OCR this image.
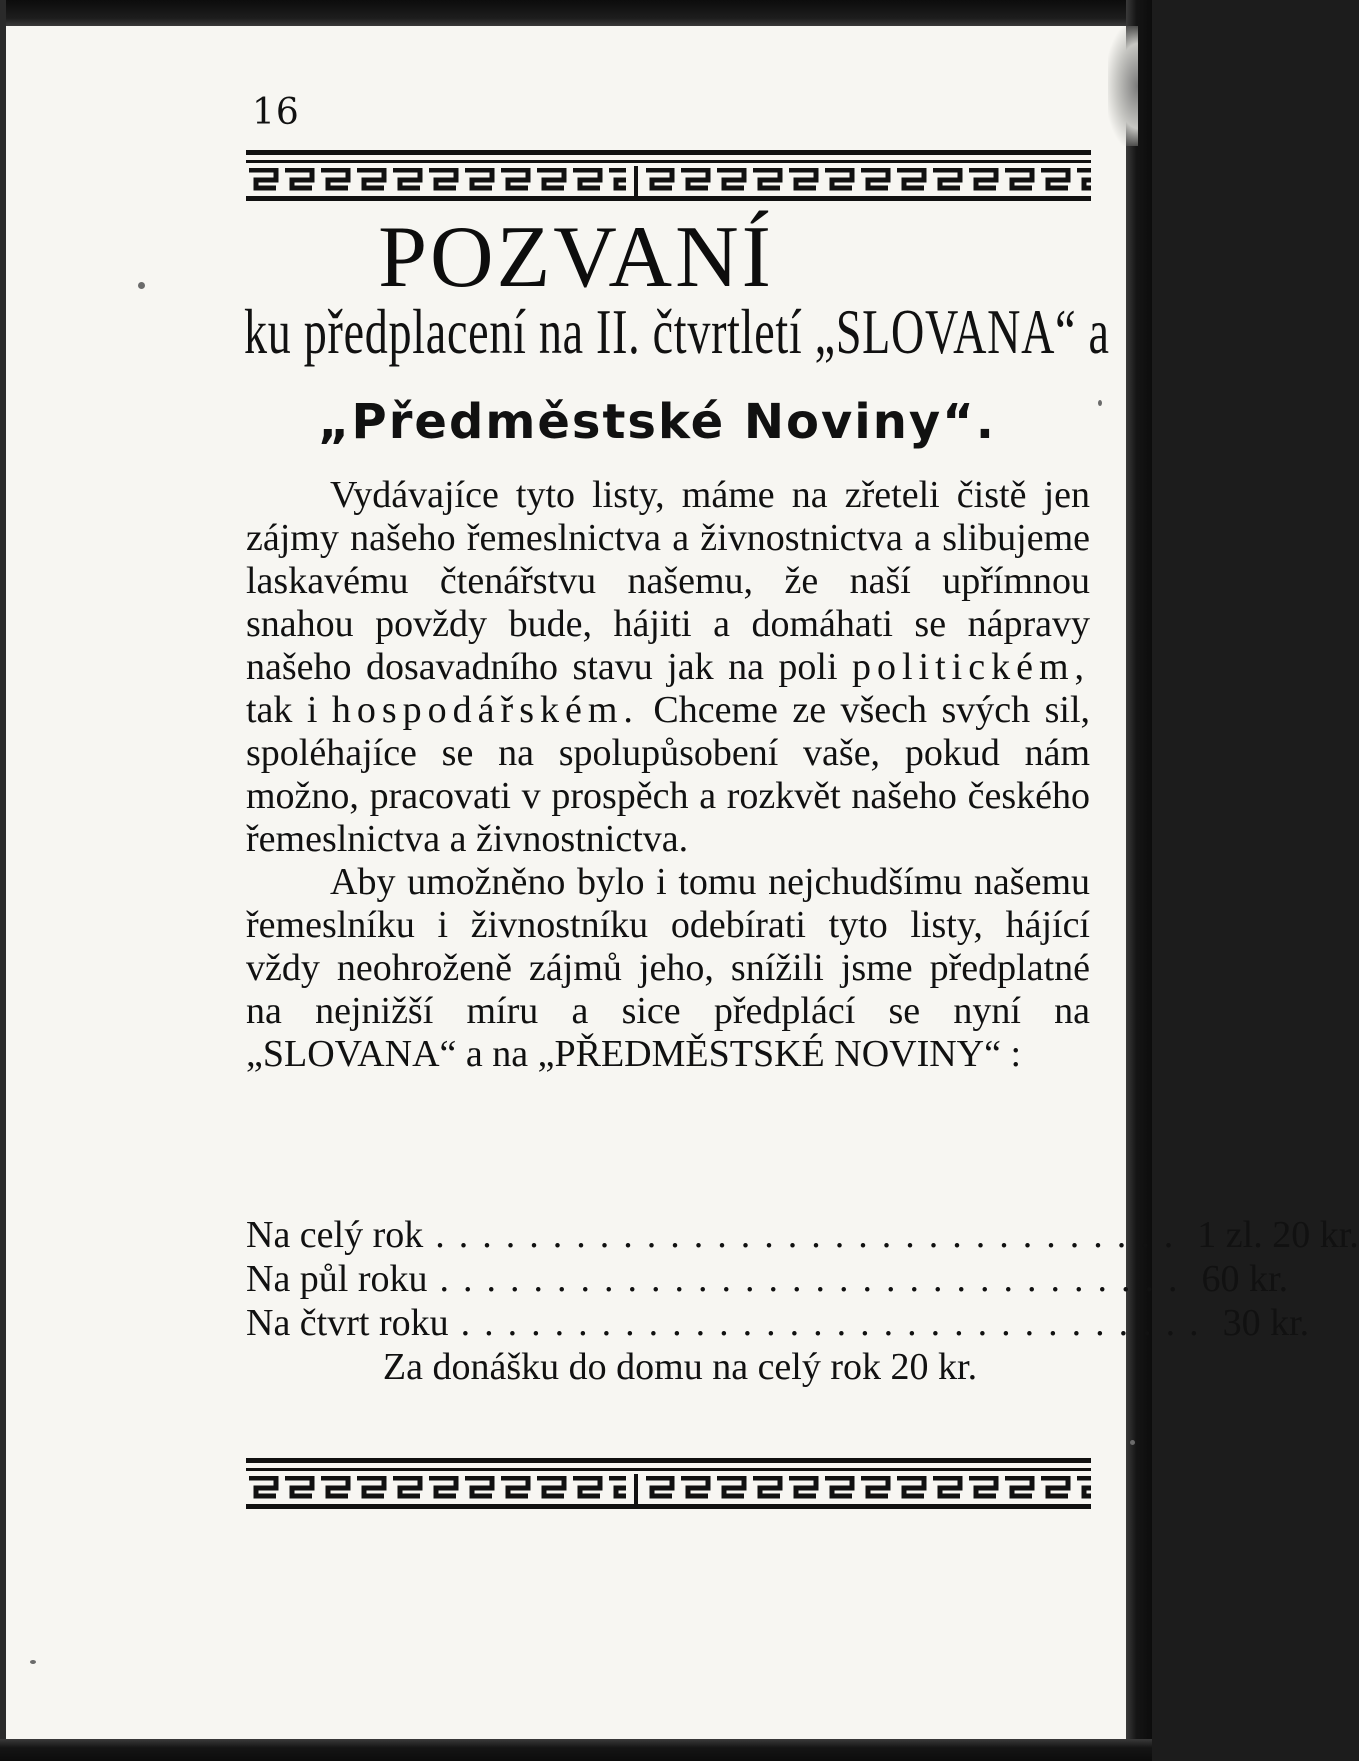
16
POZVANÍ
ku předplacení na II. čtvrtletí „SLOVANA“ a
„Předměstské Noviny“.

Vydávajíce tyto listy, máme na zřeteli čistě jen zájmy našeho řemeslnictva a živnostnictva a slibujeme laskavému čtenářstvu našemu, že naší upřímnou snahou povždy bude, hájiti a domáhati se nápravy našeho dosavadního stavu jak na poli politickém, tak i hospodářském. Chceme ze všech svých sil, spoléhajíce se na spolupůsobení vaše, pokud nám možno, pracovati v prospěch a rozkvět našeho českého řemeslnictva a živnostnictva.

Aby umožněno bylo i tomu nejchudšímu našemu řemeslníku i živnostníku odebírati tyto listy, hájící vždy neohroženě zájmů jeho, snížili jsme předplatné na nejnižší míru a sice předplácí se nyní na „SLOVANA“ a na „PŘEDMĚSTSKÉ NOVINY“ :

Na celý rok ................................ 1 zl. 20 kr.
Na půl roku ................................ 60 kr.
Na čtvrt roku ................................ 30 kr.
Za donášku do domu na celý rok 20 kr.
